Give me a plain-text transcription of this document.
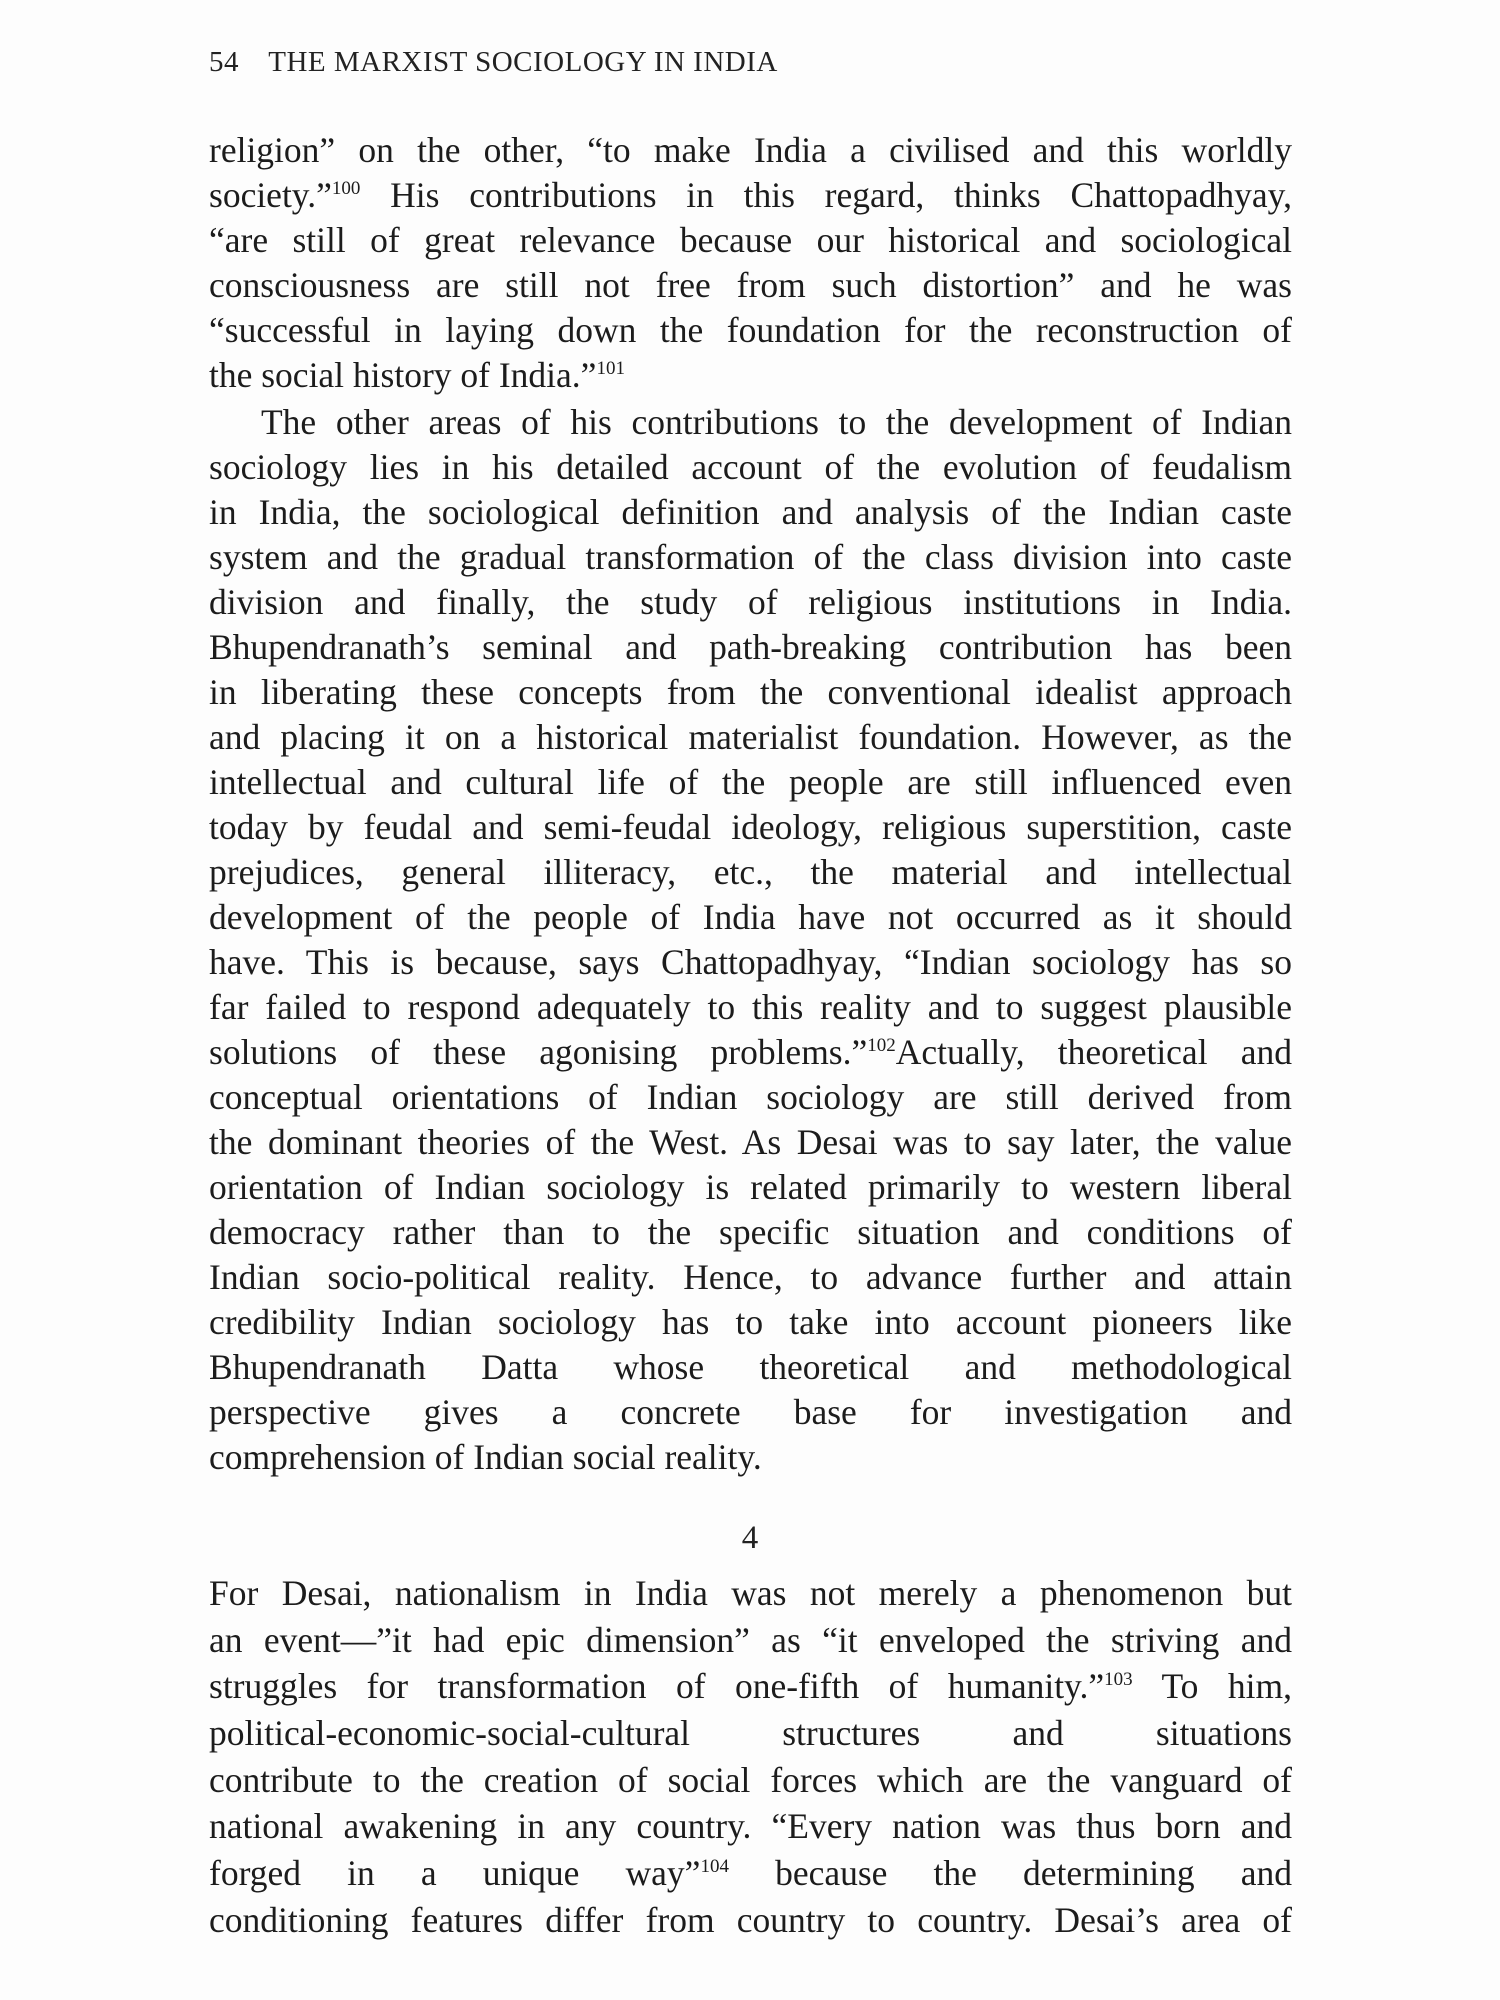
54 THE MARXIST SOCIOLOGY IN INDIA
religion” on the other, “to make India a civilised and this worldly
society.”$^{100}$ His contributions in this regard, thinks Chattopadhyay,
“are still of great relevance because our historical and sociological
consciousness are still not free from such distortion” and he was
“successful in laying down the foundation for the reconstruction of
the social history of India.”$^{101}$
The other areas of his contributions to the development of Indian
sociology lies in his detailed account of the evolution of feudalism
in India, the sociological definition and analysis of the Indian caste
system and the gradual transformation of the class division into caste
division and finally, the study of religious institutions in India.
Bhupendranath’s seminal and path-breaking contribution has been
in liberating these concepts from the conventional idealist approach
and placing it on a historical materialist foundation. However, as the
intellectual and cultural life of the people are still influenced even
today by feudal and semi-feudal ideology, religious superstition, caste
prejudices, general illiteracy, etc., the material and intellectual
development of the people of India have not occurred as it should
have. This is because, says Chattopadhyay, “Indian sociology has so
far failed to respond adequately to this reality and to suggest plausible
solutions of these agonising problems.”$^{102}$Actually, theoretical and
conceptual orientations of Indian sociology are still derived from
the dominant theories of the West. As Desai was to say later, the value
orientation of Indian sociology is related primarily to western liberal
democracy rather than to the specific situation and conditions of
Indian socio-political reality. Hence, to advance further and attain
credibility Indian sociology has to take into account pioneers like
Bhupendranath Datta whose theoretical and methodological
perspective gives a concrete base for investigation and
comprehension of Indian social reality.
4
For Desai, nationalism in India was not merely a phenomenon but
an event—”it had epic dimension” as “it enveloped the striving and
struggles for transformation of one-fifth of humanity.”$^{103}$ To him,
political-economic-social-cultural structures and situations
contribute to the creation of social forces which are the vanguard of
national awakening in any country. “Every nation was thus born and
forged in a unique way”$^{104}$ because the determining and
conditioning features differ from country to country. Desai’s area of
